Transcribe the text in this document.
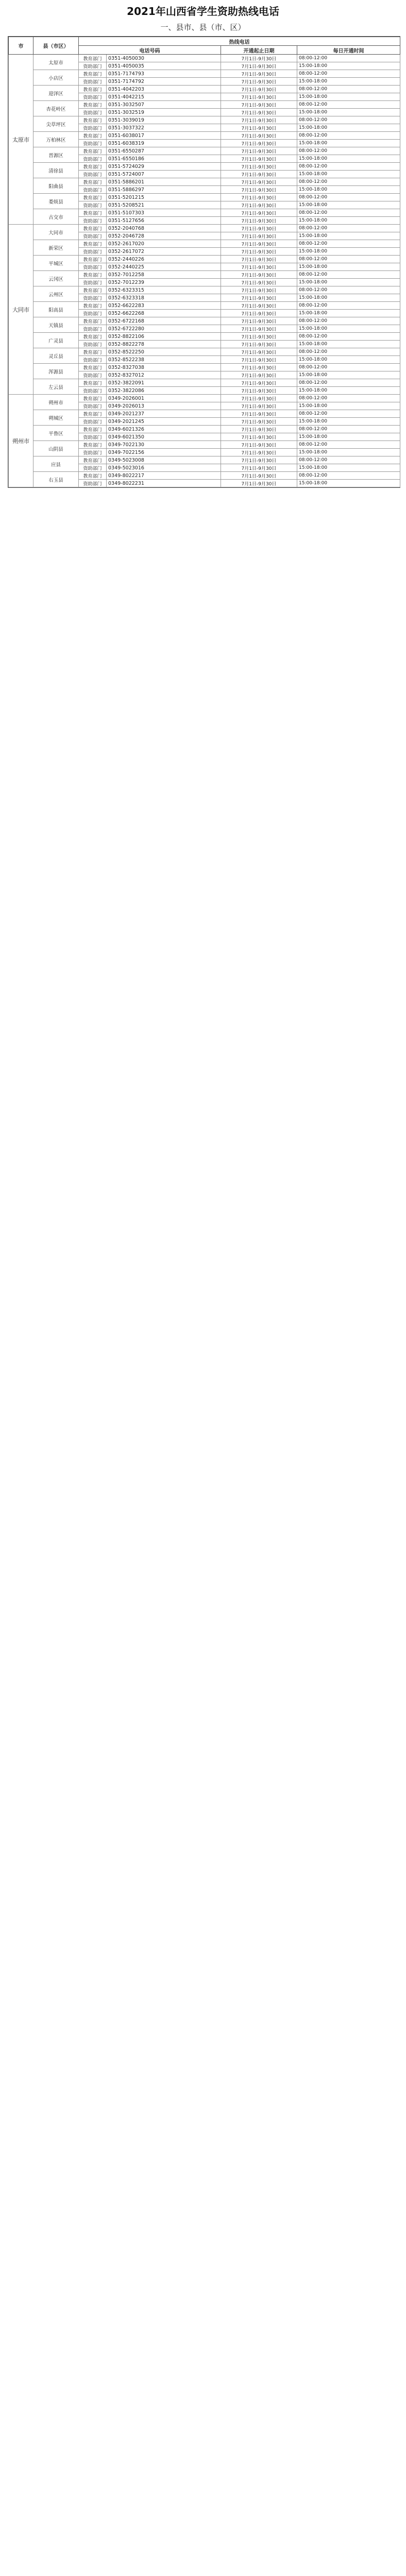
2021年山西省学生资助热线电话
一、县市、县（市、区）
市	县（市区）	热线电话			
		电话号码		开通起止日期	每日开通时间
太原市	太原市	教育部门	0351-4050030	7月1日-9月30日	08:00-12:00
		资助部门	0351-4050035	7月1日-9月30日	15:00-18:00
	小店区	教育部门	0351-7174793	7月1日-9月30日	08:00-12:00
		资助部门	0351-7174792	7月1日-9月30日	15:00-18:00
	迎泽区	教育部门	0351-4042203	7月1日-9月30日	08:00-12:00
		资助部门	0351-4042215	7月1日-9月30日	15:00-18:00
	杏花岭区	教育部门	0351-3032507	7月1日-9月30日	08:00-12:00
		资助部门	0351-3032519	7月1日-9月30日	15:00-18:00
	尖草坪区	教育部门	0351-3039019	7月1日-9月30日	08:00-12:00
		资助部门	0351-3037322	7月1日-9月30日	15:00-18:00
	万柏林区	教育部门	0351-6038017	7月1日-9月30日	08:00-12:00
		资助部门	0351-6038319	7月1日-9月30日	15:00-18:00
	晋源区	教育部门	0351-6550287	7月1日-9月30日	08:00-12:00
		资助部门	0351-6550186	7月1日-9月30日	15:00-18:00
	清徐县	教育部门	0351-5724029	7月1日-9月30日	08:00-12:00
		资助部门	0351-5724007	7月1日-9月30日	15:00-18:00
	阳曲县	教育部门	0351-5886201	7月1日-9月30日	08:00-12:00
		资助部门	0351-5886297	7月1日-9月30日	15:00-18:00
	娄烦县	教育部门	0351-5201215	7月1日-9月30日	08:00-12:00
		资助部门	0351-5208521	7月1日-9月30日	15:00-18:00
	古交市	教育部门	0351-5107303	7月1日-9月30日	08:00-12:00
		资助部门	0351-5127656	7月1日-9月30日	15:00-18:00
大同市	大同市	教育部门	0352-2040768	7月1日-9月30日	08:00-12:00
		资助部门	0352-2046728	7月1日-9月30日	15:00-18:00
	新荣区	教育部门	0352-2617020	7月1日-9月30日	08:00-12:00
		资助部门	0352-2617072	7月1日-9月30日	15:00-18:00
	平城区	教育部门	0352-2440226	7月1日-9月30日	08:00-12:00
		资助部门	0352-2440225	7月1日-9月30日	15:00-18:00
	云冈区	教育部门	0352-7012258	7月1日-9月30日	08:00-12:00
		资助部门	0352-7012239	7月1日-9月30日	15:00-18:00
	云州区	教育部门	0352-6323315	7月1日-9月30日	08:00-12:00
		资助部门	0352-6323318	7月1日-9月30日	15:00-18:00
	阳高县	教育部门	0352-6622283	7月1日-9月30日	08:00-12:00
		资助部门	0352-6622268	7月1日-9月30日	15:00-18:00
	天镇县	教育部门	0352-6722168	7月1日-9月30日	08:00-12:00
		资助部门	0352-6722280	7月1日-9月30日	15:00-18:00
	广灵县	教育部门	0352-8822106	7月1日-9月30日	08:00-12:00
		资助部门	0352-8822278	7月1日-9月30日	15:00-18:00
	灵丘县	教育部门	0352-8522250	7月1日-9月30日	08:00-12:00
		资助部门	0352-8522238	7月1日-9月30日	15:00-18:00
	浑源县	教育部门	0352-8327038	7月1日-9月30日	08:00-12:00
		资助部门	0352-8327012	7月1日-9月30日	15:00-18:00
	左云县	教育部门	0352-3822091	7月1日-9月30日	08:00-12:00
		资助部门	0352-3822086	7月1日-9月30日	15:00-18:00
朔州市	朔州市	教育部门	0349-2026001	7月1日-9月30日	08:00-12:00
		资助部门	0349-2026013	7月1日-9月30日	15:00-18:00
	朔城区	教育部门	0349-2021237	7月1日-9月30日	08:00-12:00
		资助部门	0349-2021245	7月1日-9月30日	15:00-18:00
	平鲁区	教育部门	0349-6021326	7月1日-9月30日	08:00-12:00
		资助部门	0349-6021350	7月1日-9月30日	15:00-18:00
	山阴县	教育部门	0349-7022130	7月1日-9月30日	08:00-12:00
		资助部门	0349-7022156	7月1日-9月30日	15:00-18:00
	应县	教育部门	0349-5023008	7月1日-9月30日	08:00-12:00
		资助部门	0349-5023016	7月1日-9月30日	15:00-18:00
	右玉县	教育部门	0349-8022217	7月1日-9月30日	08:00-12:00
		资助部门	0349-8022231	7月1日-9月30日	15:00-18:00
